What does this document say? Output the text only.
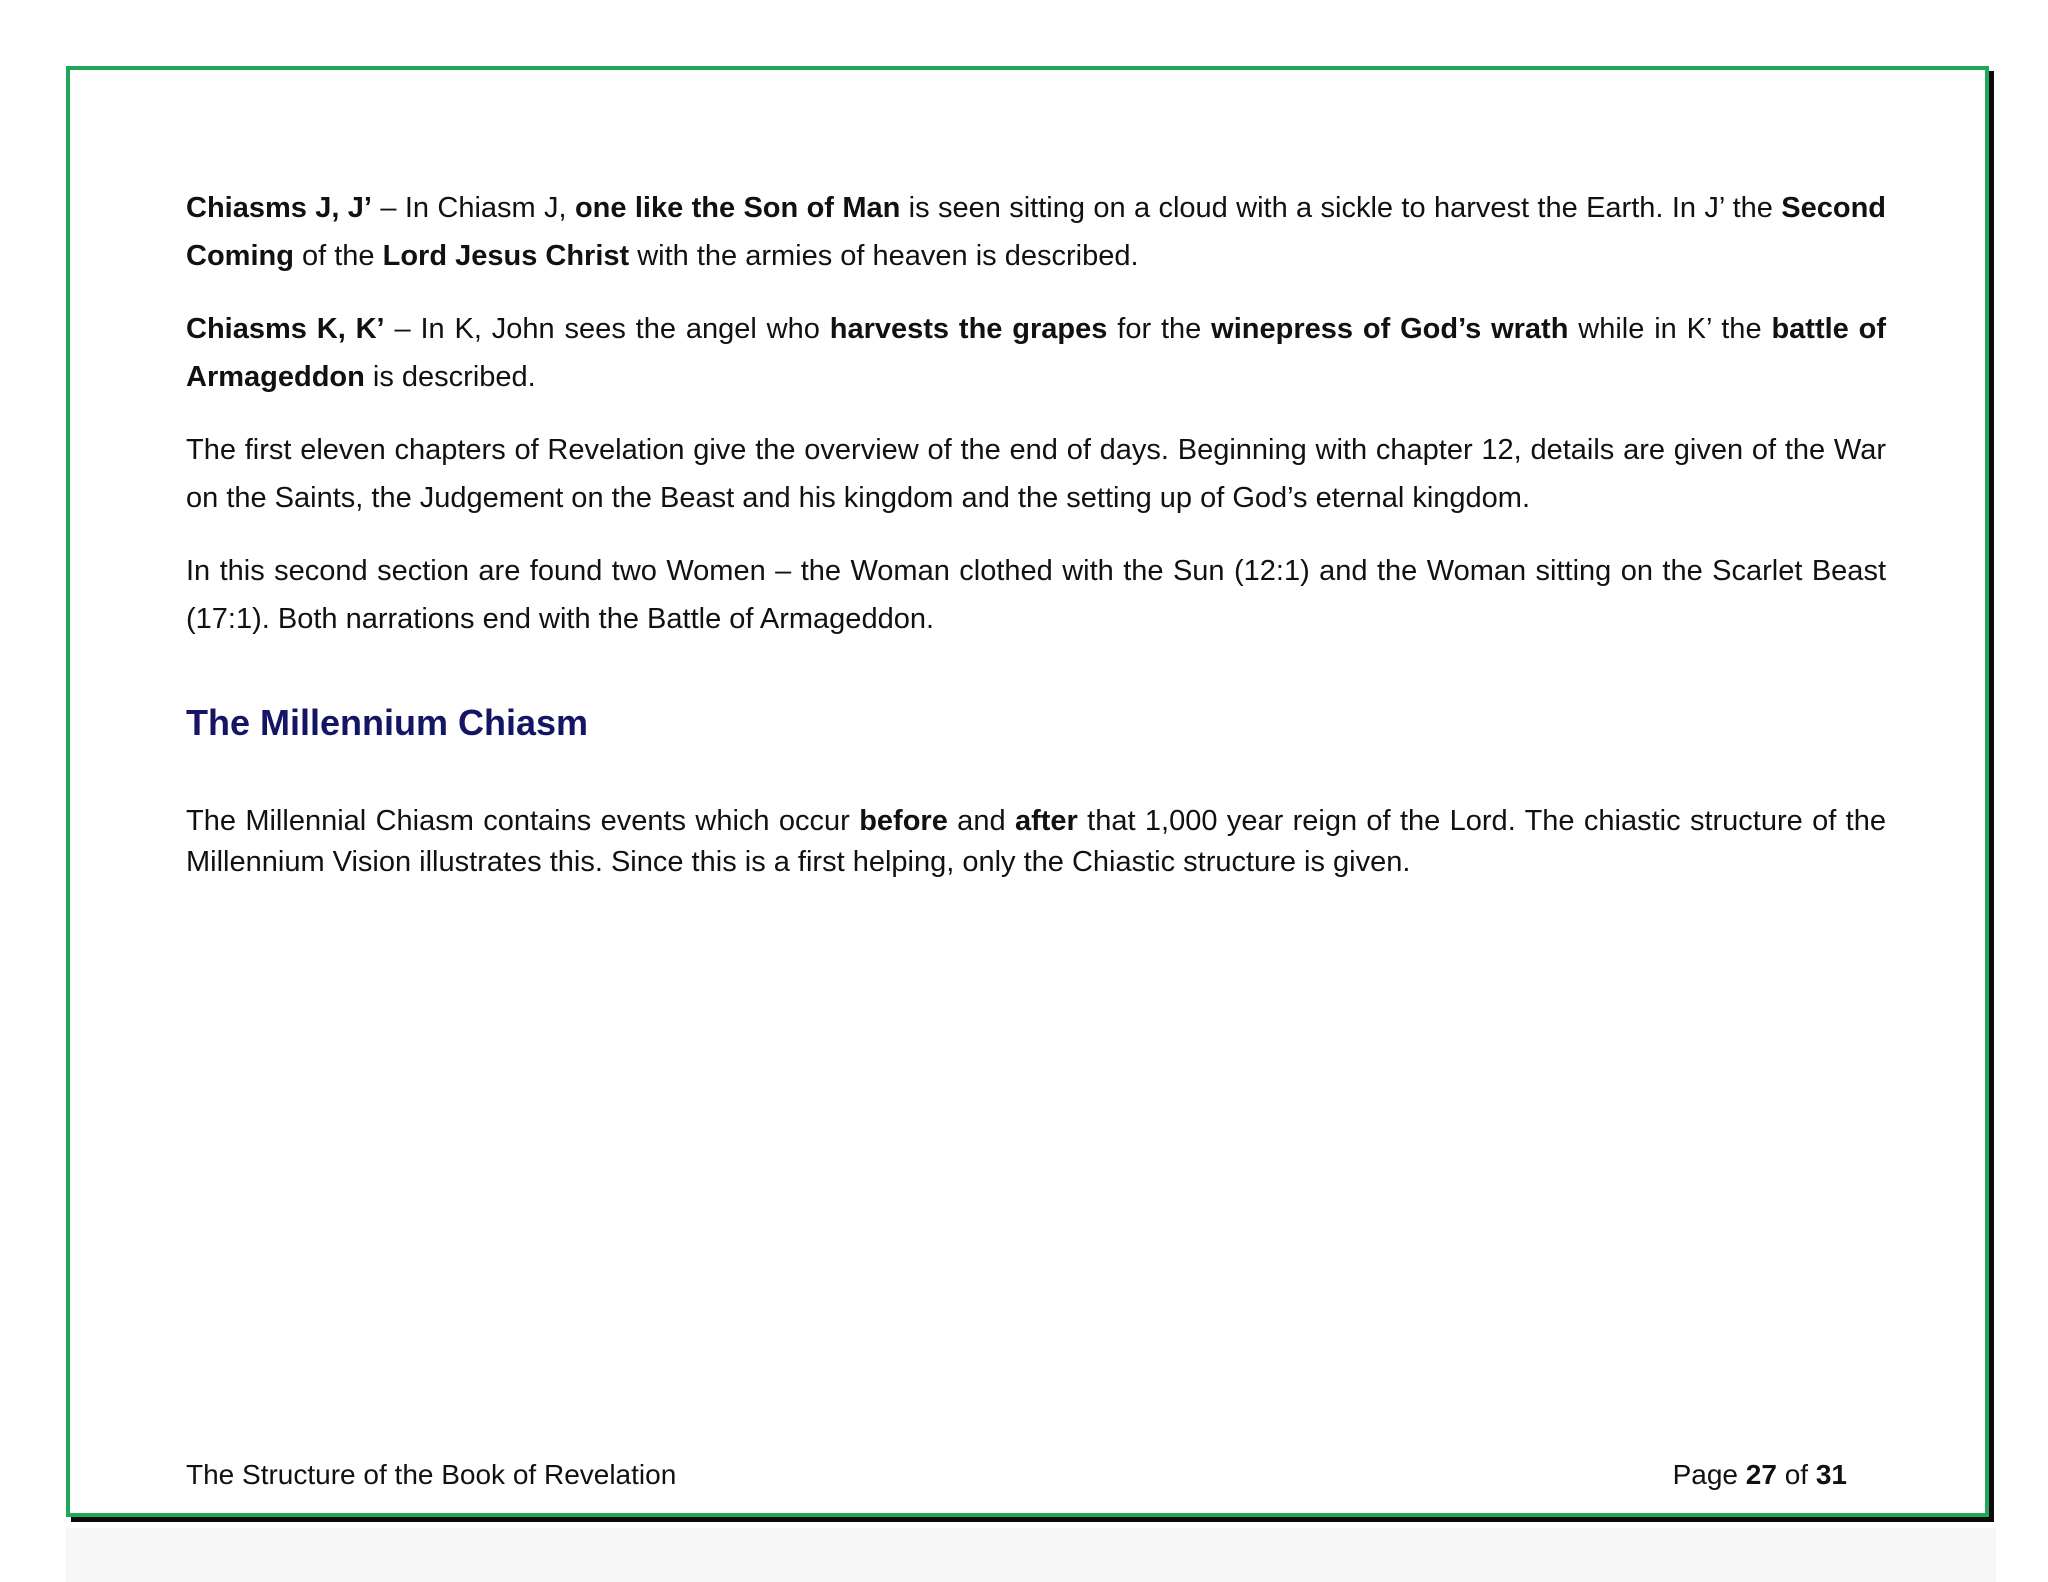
Chiasms J, J’ – In Chiasm J, one like the Son of Man is seen sitting on a cloud with a sickle to harvest the Earth. In J’ the Second Coming of the Lord Jesus Christ with the armies of heaven is described.

Chiasms K, K’ – In K, John sees the angel who harvests the grapes for the winepress of God’s wrath while in K’ the battle of Armageddon is described.

The first eleven chapters of Revelation give the overview of the end of days. Beginning with chapter 12, details are given of the War on the Saints, the Judgement on the Beast and his kingdom and the setting up of God’s eternal kingdom.

In this second section are found two Women – the Woman clothed with the Sun (12:1) and the Woman sitting on the Scarlet Beast (17:1). Both narrations end with the Battle of Armageddon.

The Millennium Chiasm

The Millennial Chiasm contains events which occur before and after that 1,000 year reign of the Lord. The chiastic structure of the Millennium Vision illustrates this. Since this is a first helping, only the Chiastic structure is given.

The Structure of the Book of Revelation	Page 27 of 31
